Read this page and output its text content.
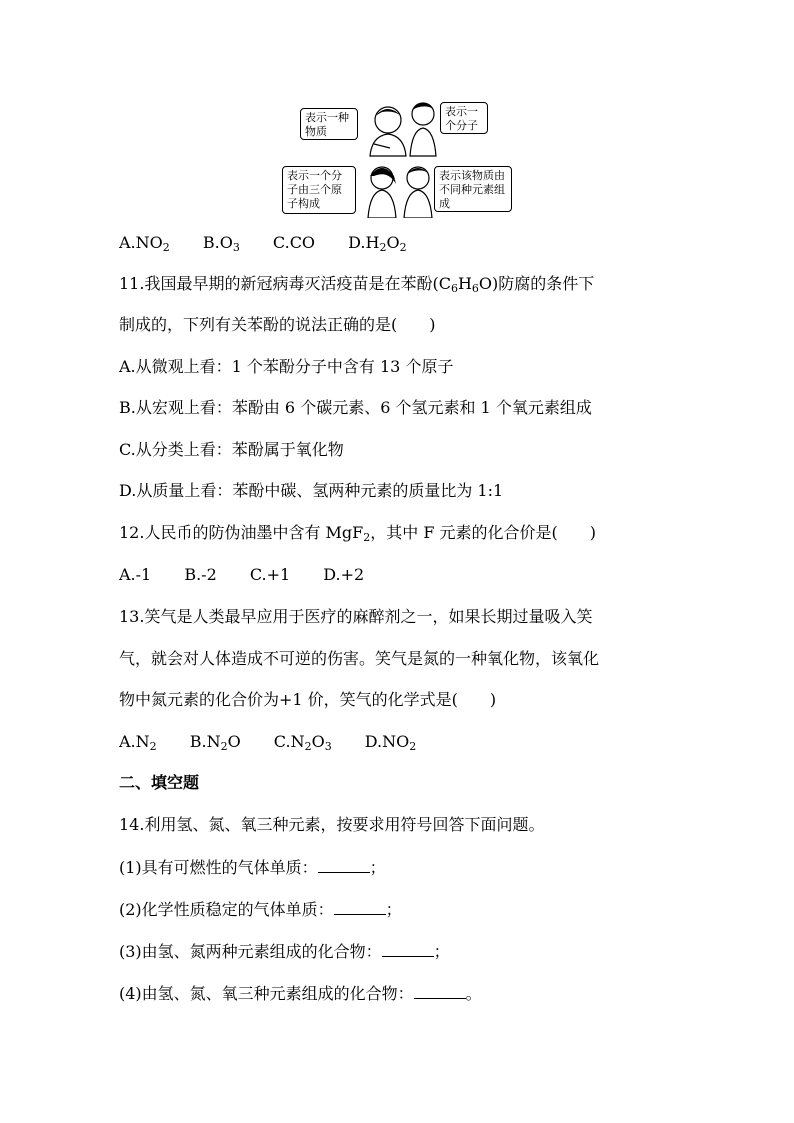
表示一种物质
表示一个分子
表示一个分子由三个原子构成
表示该物质由不同种元素组成
$A.NO_2$ $B.O_3$ C.CO $D.H_2O_2$
11.我国最早期的新冠病毒灭活疫苗是在苯酚$(C_6H_6O)$防腐的条件下
制成的，下列有关苯酚的说法正确的是(　　)
A.从微观上看：1 个苯酚分子中含有 13 个原子
B.从宏观上看：苯酚由 6 个碳元素、6 个氢元素和 1 个氧元素组成
C.从分类上看：苯酚属于氧化物
D.从质量上看：苯酚中碳、氢两种元素的质量比为 1:1
12.人民币的防伪油墨中含有 MgF$_2$，其中 F 元素的化合价是(　　)
A.-1 B.-2 C.+1 D.+2
13.笑气是人类最早应用于医疗的麻醉剂之一，如果长期过量吸入笑
气，就会对人体造成不可逆的伤害。笑气是氮的一种氧化物，该氧化
物中氮元素的化合价为+1 价，笑气的化学式是(　　)
$A.N_2$ $B.N_2O$ $C.N_2O_3$ $D.NO_2$
二、填空题
14.利用氢、氮、氧三种元素，按要求用符号回答下面问题。
(1)具有可燃性的气体单质：	；
(2)化学性质稳定的气体单质：	；
(3)由氢、氮两种元素组成的化合物：	；
(4)由氢、氮、氧三种元素组成的化合物：	。
